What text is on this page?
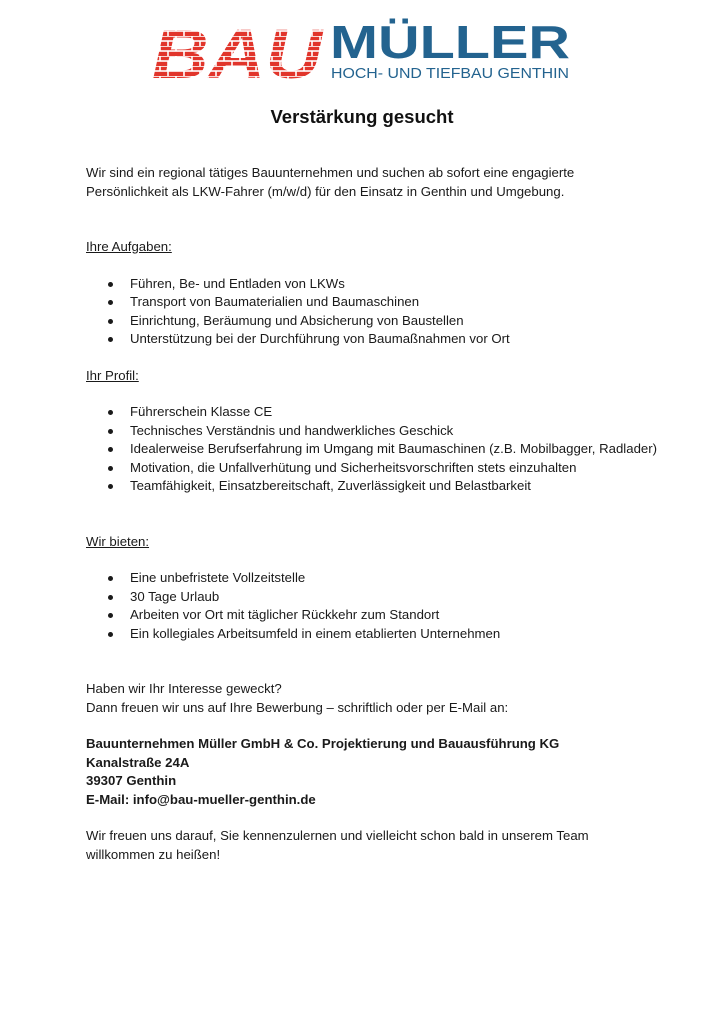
BAU MÜLLER
HOCH- UND TIEFBAU GENTHIN
Verstärkung gesucht
Wir sind ein regional tätiges Bauunternehmen und suchen ab sofort eine engagierte
Persönlichkeit als LKW-Fahrer (m/w/d) für den Einsatz in Genthin und Umgebung.
Ihre Aufgaben:
Führen, Be- und Entladen von LKWs
Transport von Baumaterialien und Baumaschinen
Einrichtung, Beräumung und Absicherung von Baustellen
Unterstützung bei der Durchführung von Baumaßnahmen vor Ort
Ihr Profil:
Führerschein Klasse CE
Technisches Verständnis und handwerkliches Geschick
Idealerweise Berufserfahrung im Umgang mit Baumaschinen (z.B. Mobilbagger, Radlader)
Motivation, die Unfallverhütung und Sicherheitsvorschriften stets einzuhalten
Teamfähigkeit, Einsatzbereitschaft, Zuverlässigkeit und Belastbarkeit
Wir bieten:
Eine unbefristete Vollzeitstelle
30 Tage Urlaub
Arbeiten vor Ort mit täglicher Rückkehr zum Standort
Ein kollegiales Arbeitsumfeld in einem etablierten Unternehmen
Haben wir Ihr Interesse geweckt?
Dann freuen wir uns auf Ihre Bewerbung – schriftlich oder per E-Mail an:
Bauunternehmen Müller GmbH & Co. Projektierung und Bauausführung KG
Kanalstraße 24A
39307 Genthin
E-Mail: info@bau-mueller-genthin.de
Wir freuen uns darauf, Sie kennenzulernen und vielleicht schon bald in unserem Team
willkommen zu heißen!
